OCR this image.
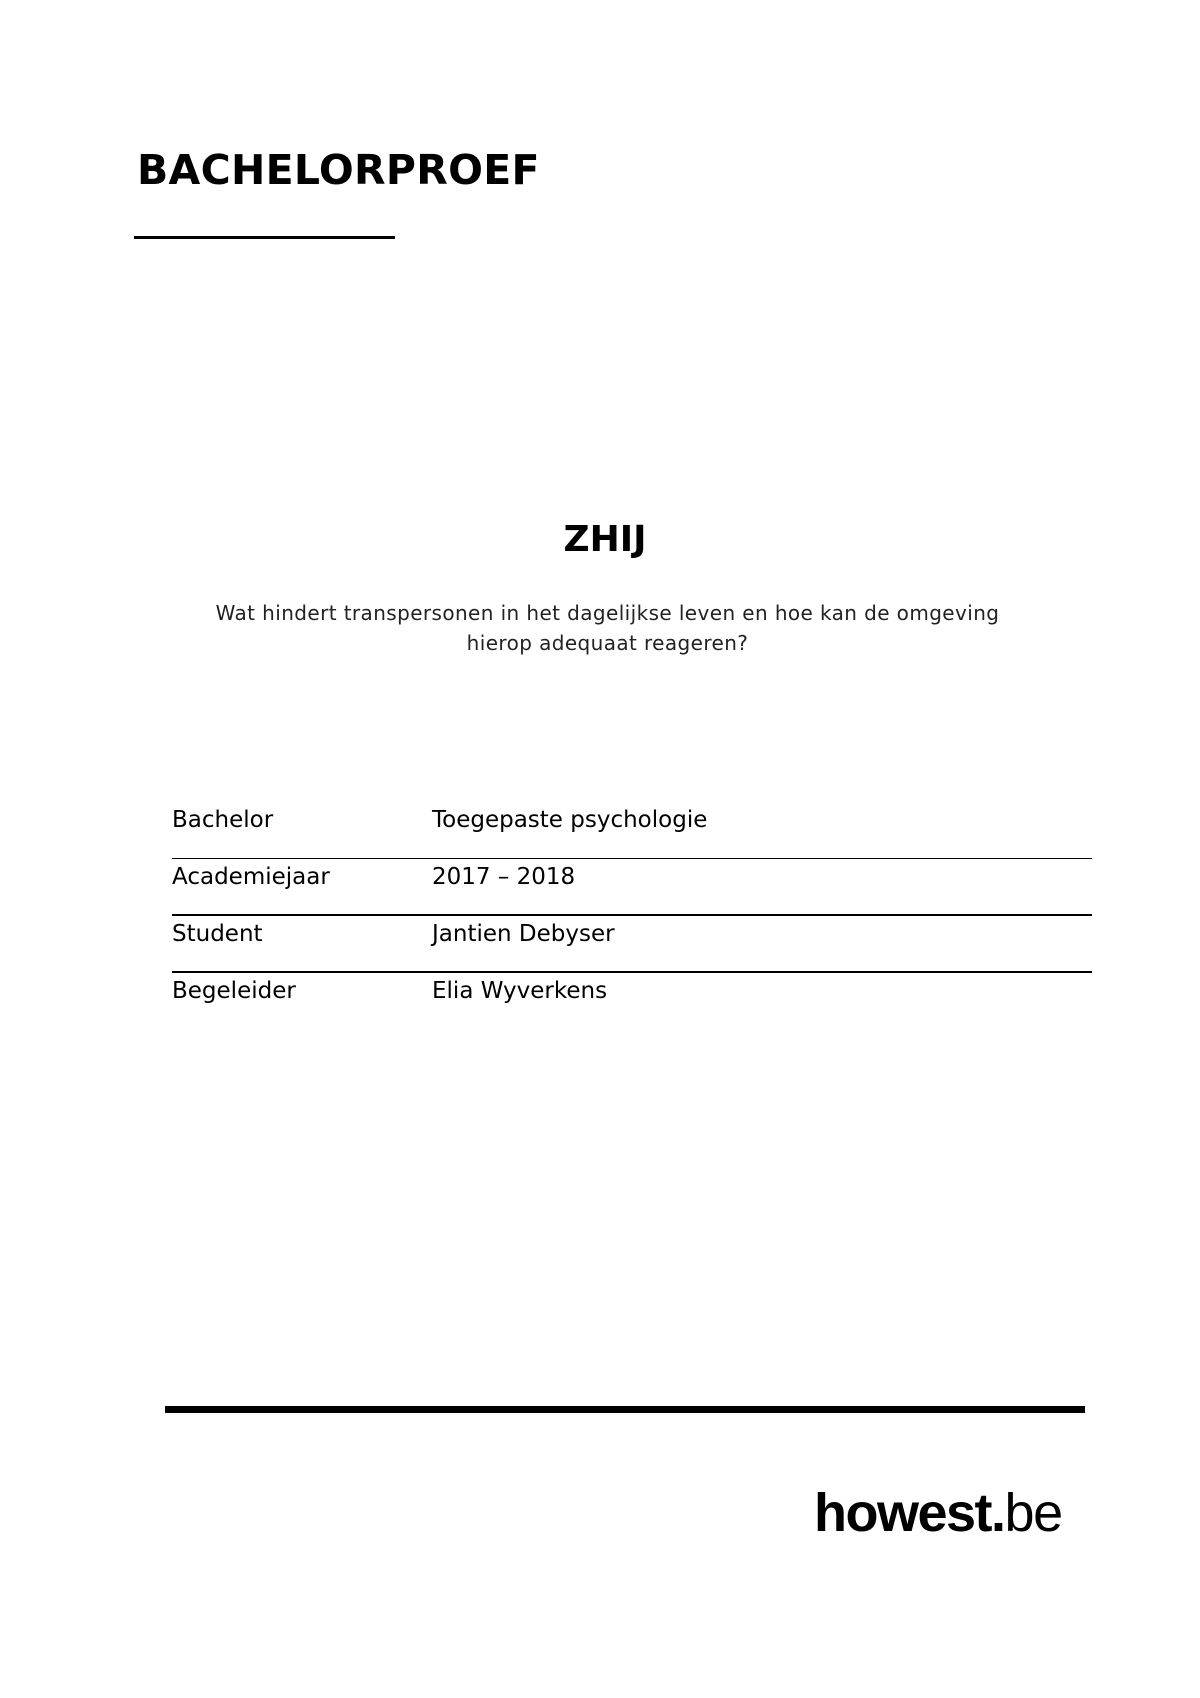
BACHELORPROEF
ZHIJ
Wat hindert transpersonen in het dagelijkse leven en hoe kan de omgeving
hierop adequaat reageren?
Bachelor	Toegepaste psychologie
Academiejaar	2017 – 2018
Student	Jantien Debyser
Begeleider	Elia Wyverkens
howest.be
